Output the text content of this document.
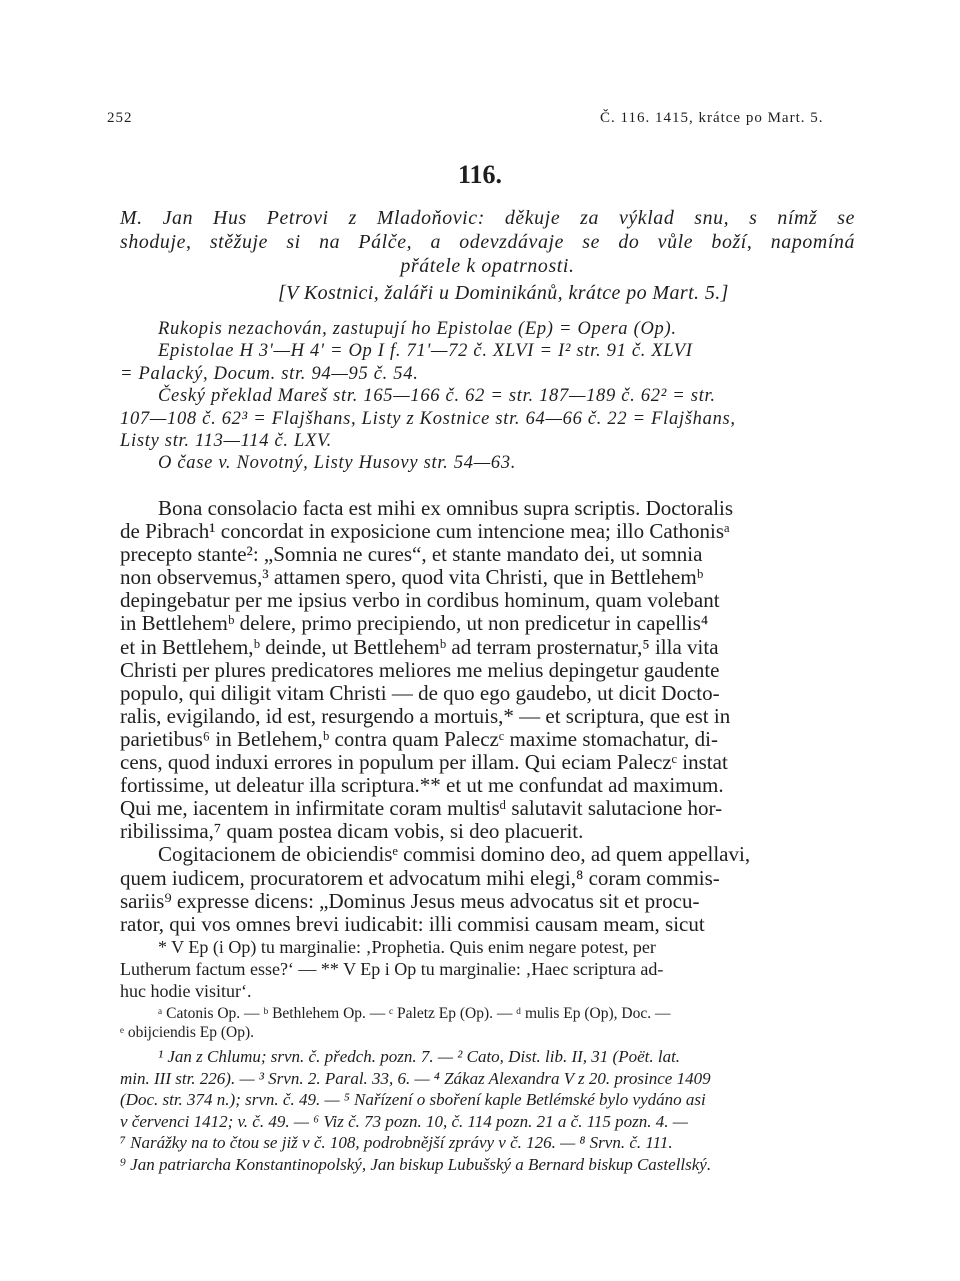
252	Č. 116. 1415, krátce po Mart. 5.
116.
M. Jan Hus Petrovi z Mladoňovic: děkuje za výklad snu, s nímž se
shoduje, stěžuje si na Pálče, a odevzdávaje se do vůle boží, napomíná
přátele k opatrnosti.
[V Kostnici, žaláři u Dominikánů, krátce po Mart. 5.]
Rukopis nezachován, zastupují ho Epistolae (Ep) = Opera (Op).
Epistolae H 3ʹ—H 4ʹ = Op I f. 71ʹ—72 č. XLVI = I² str. 91 č. XLVI
= Palacký, Docum. str. 94—95 č. 54.
Český překlad Mareš str. 165—166 č. 62 = str. 187—189 č. 62² = str.
107—108 č. 62³ = Flajšhans, Listy z Kostnice str. 64—66 č. 22 = Flajšhans,
Listy str. 113—114 č. LXV.
O čase v. Novotný, Listy Husovy str. 54—63.
Bona consolacio facta est mihi ex omnibus supra scriptis. Doctoralis
de Pibrach¹ concordat in exposicione cum intencione mea; illo Cathonisᵃ
precepto stante²: „Somnia ne cures“, et stante mandato dei, ut somnia
non observemus,³ attamen spero, quod vita Christi, que in Bettlehemᵇ
depingebatur per me ipsius verbo in cordibus hominum, quam volebant
in Bettlehemᵇ delere, primo precipiendo, ut non predicetur in capellis⁴
et in Bettlehem,ᵇ deinde, ut Bettlehemᵇ ad terram prosternatur,⁵ illa vita
Christi per plures predicatores meliores me melius depingetur gaudente
populo, qui diligit vitam Christi — de quo ego gaudebo, ut dicit Docto-
ralis, evigilando, id est, resurgendo a mortuis,* — et scriptura, que est in
parietibus⁶ in Betlehem,ᵇ contra quam Paleczᶜ maxime stomachatur, di-
cens, quod induxi errores in populum per illam. Qui eciam Paleczᶜ instat
fortissime, ut deleatur illa scriptura.** et ut me confundat ad maximum.
Qui me, iacentem in infirmitate coram multisᵈ salutavit salutacione hor-
ribilissima,⁷ quam postea dicam vobis, si deo placuerit.
Cogitacionem de obiciendisᵉ commisi domino deo, ad quem appellavi,
quem iudicem, procuratorem et advocatum mihi elegi,⁸ coram commis-
sariis⁹ expresse dicens: „Dominus Jesus meus advocatus sit et procu-
rator, qui vos omnes brevi iudicabit: illi commisi causam meam, sicut
* V Ep (i Op) tu marginalie: ‚Prophetia. Quis enim negare potest, per
Lutherum factum esse?‘ — ** V Ep i Op tu marginalie: ‚Haec scriptura ad-
huc hodie visitur‘.
ᵃ Catonis Op. — ᵇ Bethlehem Op. — ᶜ Paletz Ep (Op). — ᵈ mulis Ep (Op), Doc. —
ᵉ obijciendis Ep (Op).
¹ Jan z Chlumu; srvn. č. předch. pozn. 7. — ² Cato, Dist. lib. II, 31 (Poët. lat.
min. III str. 226). — ³ Srvn. 2. Paral. 33, 6. — ⁴ Zákaz Alexandra V z 20. prosince 1409
(Doc. str. 374 n.); srvn. č. 49. — ⁵ Nařízení o sboření kaple Betlémské bylo vydáno asi
v červenci 1412; v. č. 49. — ⁶ Viz č. 73 pozn. 10, č. 114 pozn. 21 a č. 115 pozn. 4. —
⁷ Narážky na to čtou se již v č. 108, podrobnější zprávy v č. 126. — ⁸ Srvn. č. 111.
⁹ Jan patriarcha Konstantinopolský, Jan biskup Lubušský a Bernard biskup Castellský.
